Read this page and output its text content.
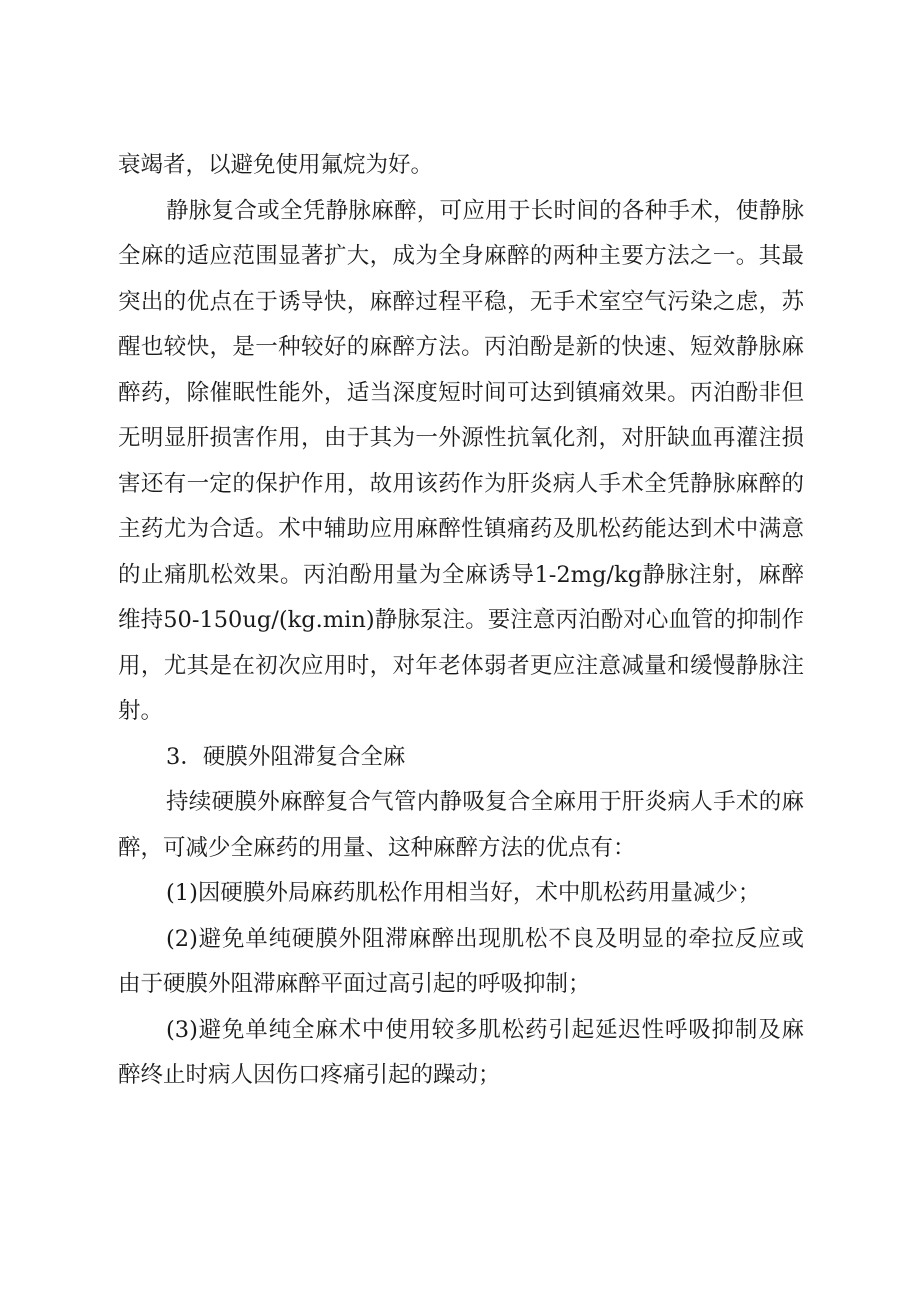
衰竭者，以避免使用氟烷为好。

静脉复合或全凭静脉麻醉，可应用于长时间的各种手术，使静脉全麻的适应范围显著扩大，成为全身麻醉的两种主要方法之一。其最突出的优点在于诱导快，麻醉过程平稳，无手术室空气污染之虑，苏醒也较快，是一种较好的麻醉方法。丙泊酚是新的快速、短效静脉麻醉药，除催眠性能外，适当深度短时间可达到镇痛效果。丙泊酚非但无明显肝损害作用，由于其为一外源性抗氧化剂，对肝缺血再灌注损害还有一定的保护作用，故用该药作为肝炎病人手术全凭静脉麻醉的主药尤为合适。术中辅助应用麻醉性镇痛药及肌松药能达到术中满意的止痛肌松效果。丙泊酚用量为全麻诱导1-2mg/kg静脉注射，麻醉维持50-150ug/(kg.min)静脉泵注。要注意丙泊酚对心血管的抑制作用，尤其是在初次应用时，对年老体弱者更应注意减量和缓慢静脉注射。

3．硬膜外阻滞复合全麻

持续硬膜外麻醉复合气管内静吸复合全麻用于肝炎病人手术的麻醉，可减少全麻药的用量、这种麻醉方法的优点有：

(1)因硬膜外局麻药肌松作用相当好，术中肌松药用量减少；

(2)避免单纯硬膜外阻滞麻醉出现肌松不良及明显的牵拉反应或由于硬膜外阻滞麻醉平面过高引起的呼吸抑制；

(3)避免单纯全麻术中使用较多肌松药引起延迟性呼吸抑制及麻醉终止时病人因伤口疼痛引起的躁动；
